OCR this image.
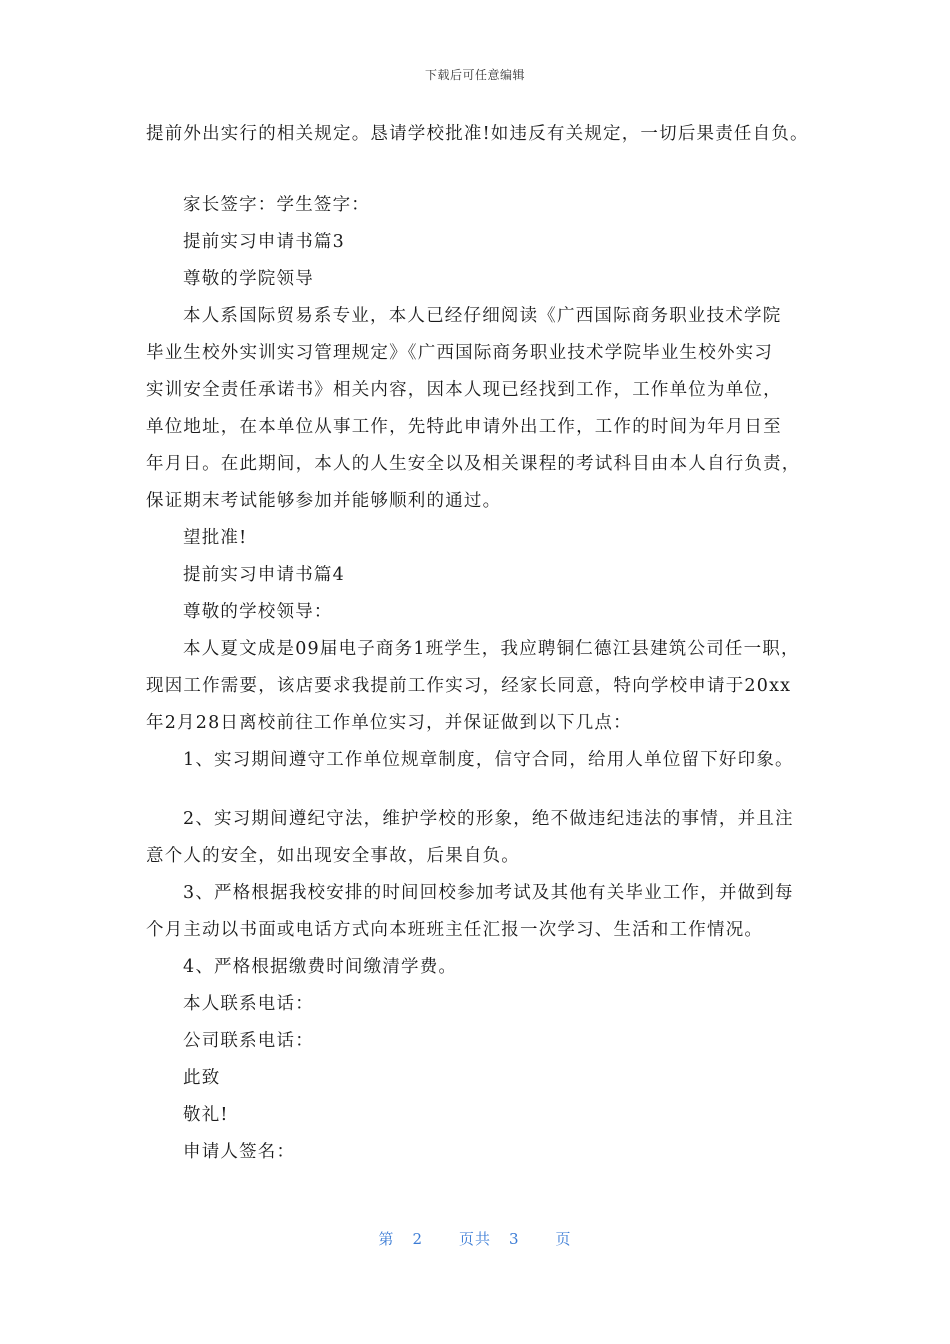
下载后可任意编辑
提前外出实行的相关规定。恳请学校批准!如违反有关规定，一切后果责任自负。
家长签字：学生签字：
提前实习申请书篇3
尊敬的学院领导
本人系国际贸易系专业，本人已经仔细阅读《广西国际商务职业技术学院
毕业生校外实训实习管理规定》《广西国际商务职业技术学院毕业生校外实习
实训安全责任承诺书》相关内容，因本人现已经找到工作，工作单位为单位，
单位地址，在本单位从事工作，先特此申请外出工作，工作的时间为年月日至
年月日。在此期间，本人的人生安全以及相关课程的考试科目由本人自行负责，
保证期末考试能够参加并能够顺利的通过。
望批准!
提前实习申请书篇4
尊敬的学校领导：
本人夏文成是09届电子商务1班学生，我应聘铜仁德江县建筑公司任一职，
现因工作需要，该店要求我提前工作实习，经家长同意，特向学校申请于20xx
年2月28日离校前往工作单位实习，并保证做到以下几点：
1、实习期间遵守工作单位规章制度，信守合同，给用人单位留下好印象。
2、实习期间遵纪守法，维护学校的形象，绝不做违纪违法的事情，并且注
意个人的安全，如出现安全事故，后果自负。
3、严格根据我校安排的时间回校参加考试及其他有关毕业工作，并做到每
个月主动以书面或电话方式向本班班主任汇报一次学习、生活和工作情况。
4、严格根据缴费时间缴清学费。
本人联系电话：
公司联系电话：
此致
敬礼!
申请人签名：
第 2 页共 3 页
